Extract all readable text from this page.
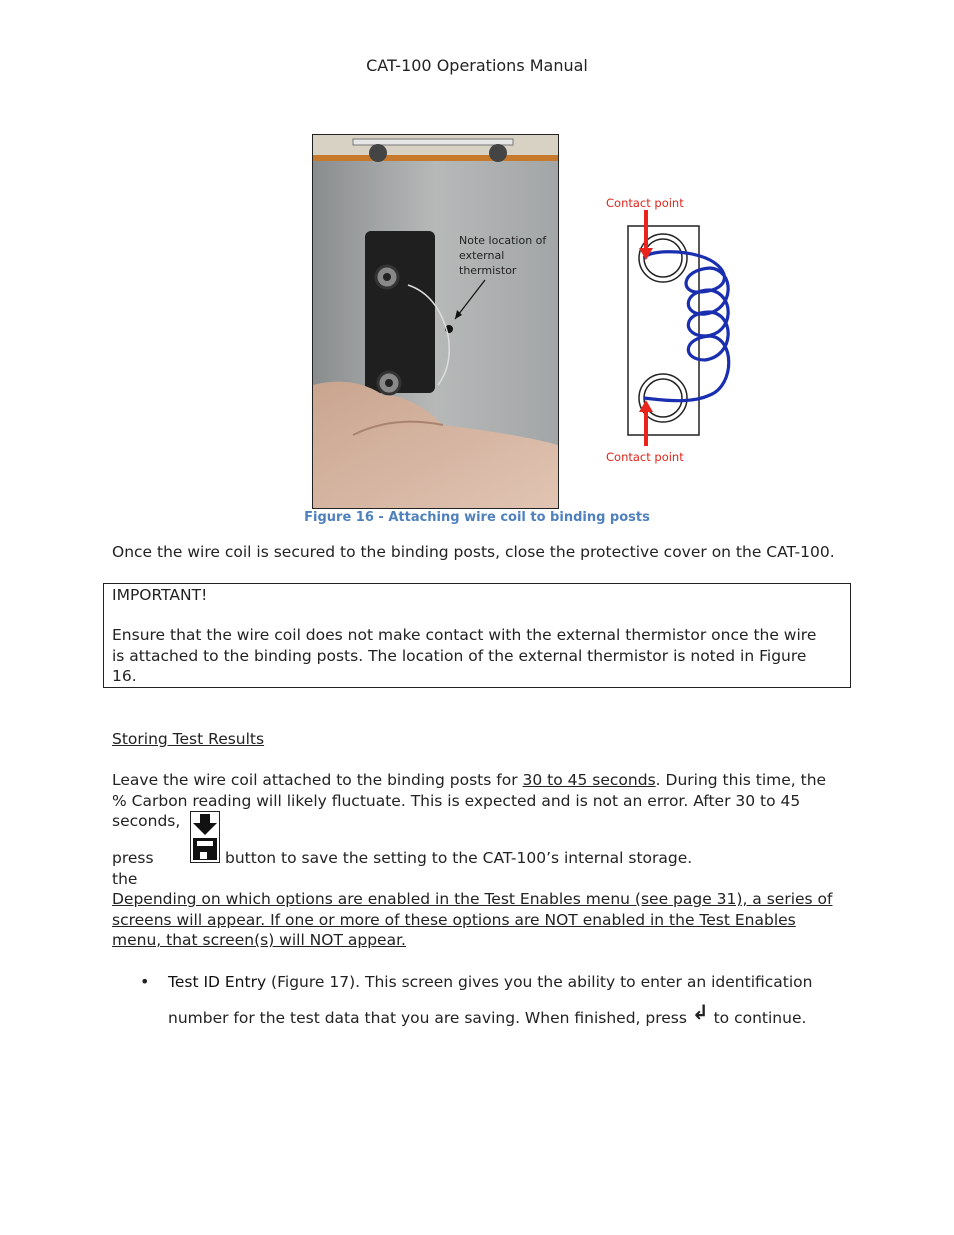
CAT-100 Operations Manual
Note location of
external
thermistor
Contact point
Contact point
Figure 16 - Attaching wire coil to binding posts
Once the wire coil is secured to the binding posts, close the protective cover on the CAT-100.
IMPORTANT!
Ensure that the wire coil does not make contact with the external thermistor once the wire is attached to the binding posts. The location of the external thermistor is noted in Figure 16.
Storing Test Results
Leave the wire coil attached to the binding posts for 30 to 45 seconds. During this time, the % Carbon reading will likely fluctuate. This is expected and is not an error. After 30 to 45 seconds,
press the
button to save the setting to the CAT-100’s internal storage.
Depending on which options are enabled in the Test Enables menu (see page 31), a series of screens will appear. If one or more of these options are NOT enabled in the Test Enables menu, that screen(s) will NOT appear.
• Test ID Entry (Figure 17). This screen gives you the ability to enter an identification
number for the test data that you are saving. When finished, press ↲ to continue.
